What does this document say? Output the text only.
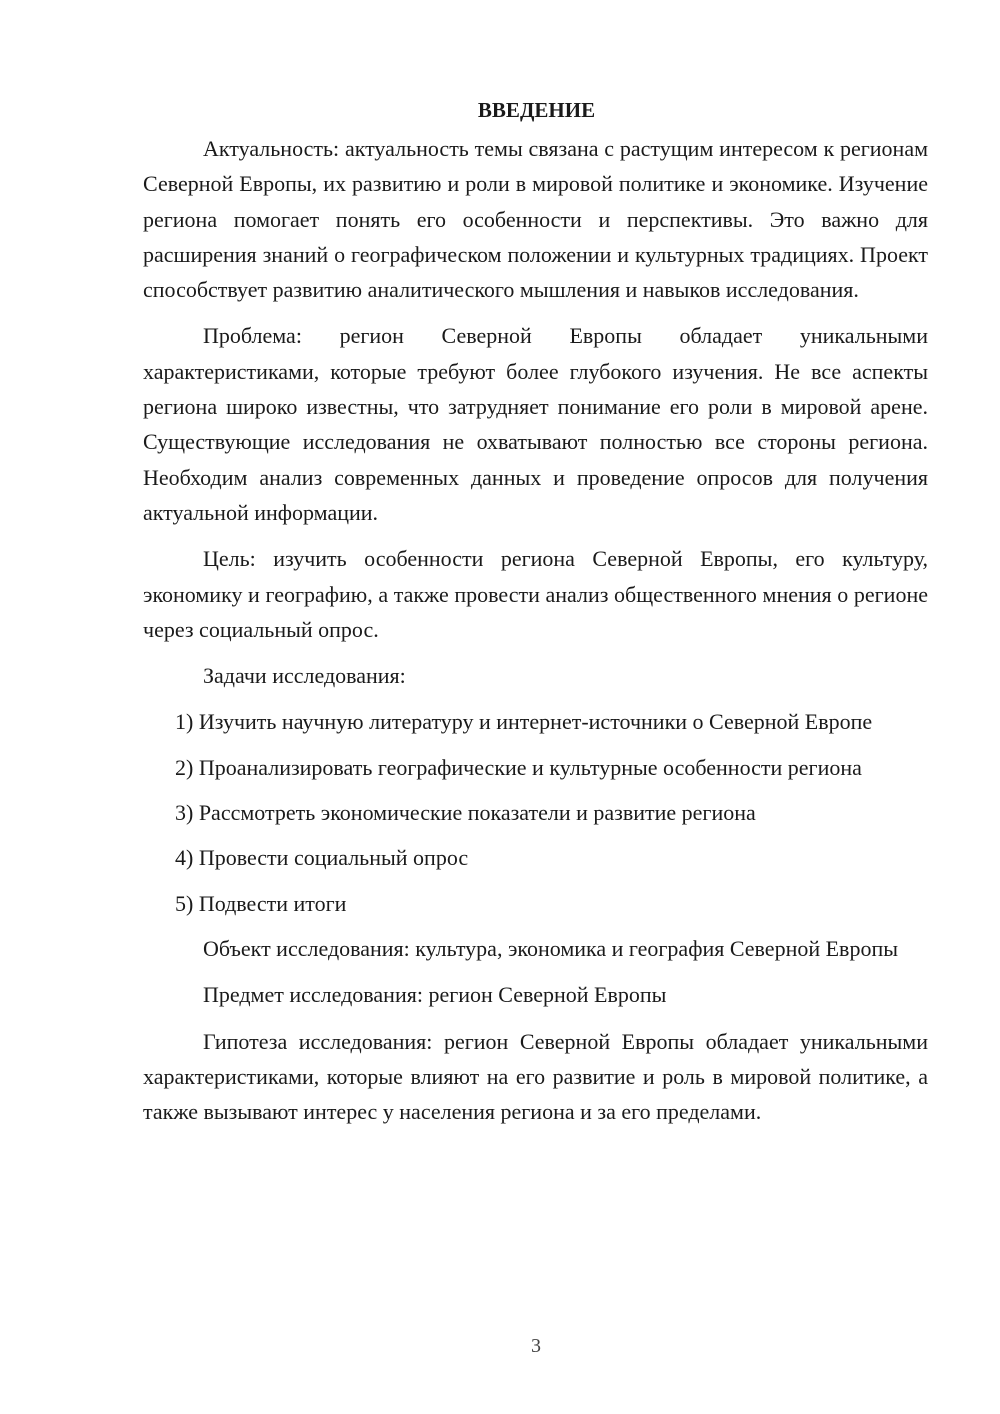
ВВЕДЕНИЕ

Актуальность: актуальность темы связана с растущим интересом к регионам Северной Европы, их развитию и роли в мировой политике и экономике. Изучение региона помогает понять его особенности и перспективы. Это важно для расширения знаний о географическом положении и культурных традициях. Проект способствует развитию аналитического мышления и навыков исследования.

Проблема: регион Северной Европы обладает уникальными характеристиками, которые требуют более глубокого изучения. Не все аспекты региона широко известны, что затрудняет понимание его роли в мировой арене. Существующие исследования не охватывают полностью все стороны региона. Необходим анализ современных данных и проведение опросов для получения актуальной информации.

Цель: изучить особенности региона Северной Европы, его культуру, экономику и географию, а также провести анализ общественного мнения о регионе через социальный опрос.

Задачи исследования:

1) Изучить научную литературу и интернет-источники о Северной Европе

2) Проанализировать географические и культурные особенности региона

3) Рассмотреть экономические показатели и развитие региона

4) Провести социальный опрос

5) Подвести итоги

Объект исследования: культура, экономика и география Северной Европы

Предмет исследования: регион Северной Европы

Гипотеза исследования: регион Северной Европы обладает уникальными характеристиками, которые влияют на его развитие и роль в мировой политике, а также вызывают интерес у населения региона и за его пределами.

3
